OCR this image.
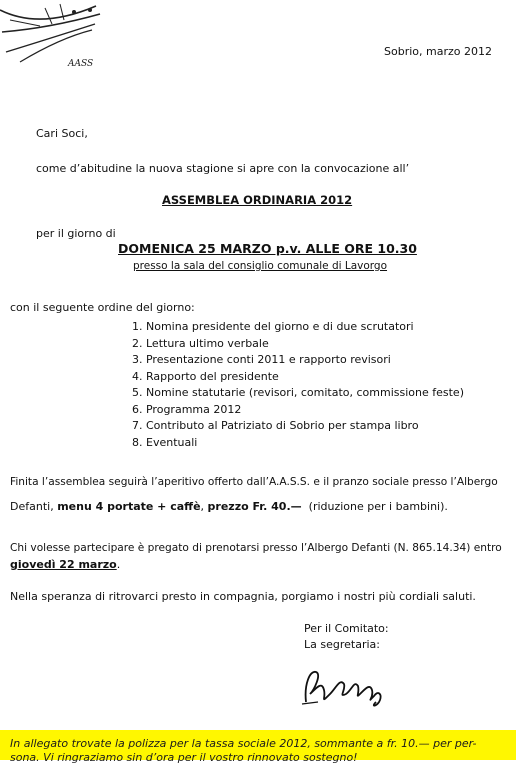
AASS
Sobrio, marzo 2012
Cari Soci,
come d’abitudine la nuova stagione si apre con la convocazione all’
ASSEMBLEA ORDINARIA 2012
per il giorno di
DOMENICA 25 MARZO p.v. ALLE ORE 10.30
presso la sala del consiglio comunale di Lavorgo
con il seguente ordine del giorno:
1. Nomina presidente del giorno e di due scrutatori
2. Lettura ultimo verbale
3. Presentazione conti 2011 e rapporto revisori
4. Rapporto del presidente
5. Nomine statutarie (revisori, comitato, commissione feste)
6. Programma 2012
7. Contributo al Patriziato di Sobrio per stampa libro
8. Eventuali
Finita l’assemblea seguirà l’aperitivo offerto dall’A.A.S.S. e il pranzo sociale presso l’Albergo
Defanti, menu 4 portate + caffè, prezzo Fr. 40.—  (riduzione per i bambini).
Chi volesse partecipare è pregato di prenotarsi presso l’Albergo Defanti (N. 865.14.34) entro
giovedì 22 marzo.
Nella speranza di ritrovarci presto in compagnia, porgiamo i nostri più cordiali saluti.
Per il Comitato:
La segretaria:
In allegato trovate la polizza per la tassa sociale 2012, sommante a fr. 10.— per per-
sona. Vi ringraziamo sin d’ora per il vostro rinnovato sostegno!
